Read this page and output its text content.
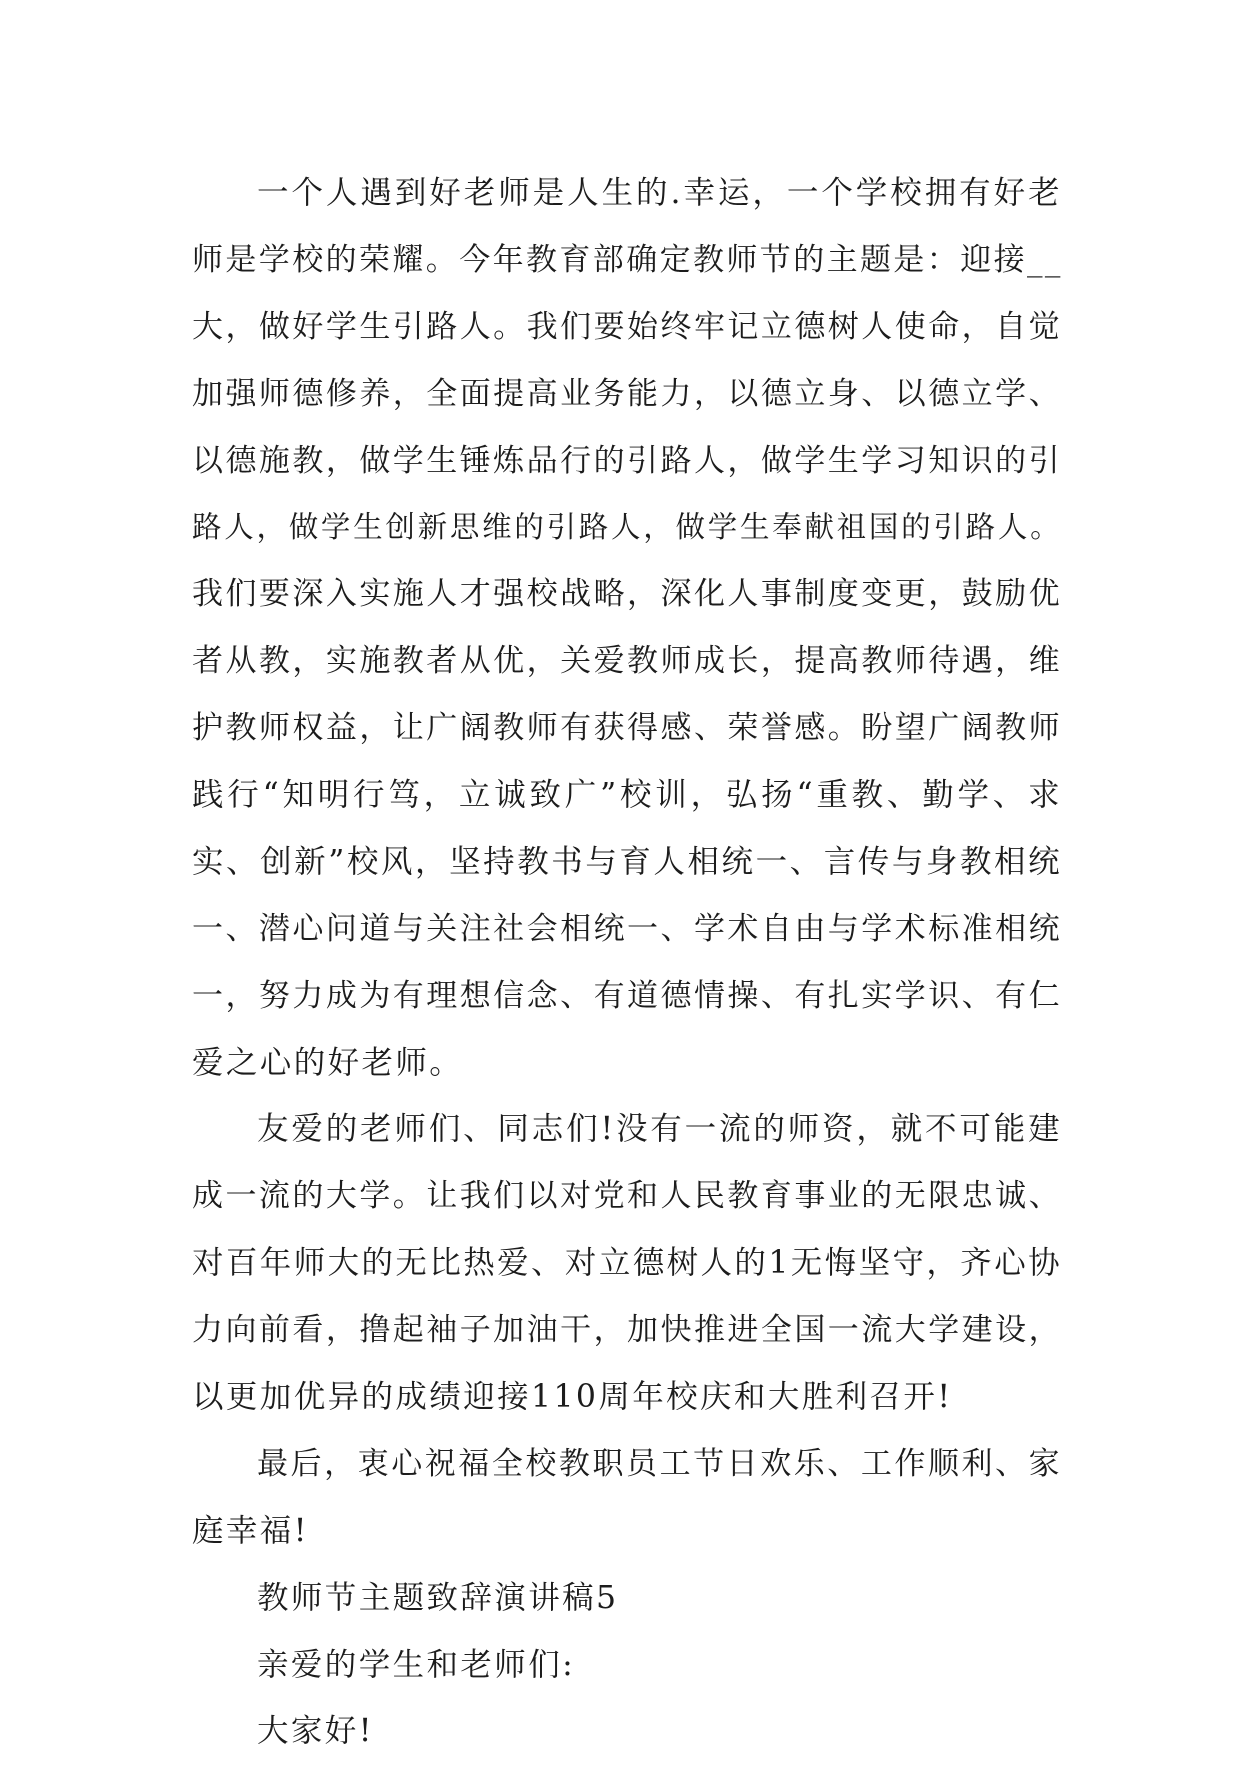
一个人遇到好老师是人生的.幸运，一个学校拥有好老
师是学校的荣耀。今年教育部确定教师节的主题是：迎接__
大，做好学生引路人。我们要始终牢记立德树人使命，自觉
加强师德修养，全面提高业务能力，以德立身、以德立学、
以德施教，做学生锤炼品行的引路人，做学生学习知识的引
路人，做学生创新思维的引路人，做学生奉献祖国的引路人。
我们要深入实施人才强校战略，深化人事制度变更，鼓励优
者从教，实施教者从优，关爱教师成长，提高教师待遇，维
护教师权益，让广阔教师有获得感、荣誉感。盼望广阔教师
践行“知明行笃，立诚致广”校训，弘扬“重教、勤学、求
实、创新”校风，坚持教书与育人相统一、言传与身教相统
一、潜心问道与关注社会相统一、学术自由与学术标准相统
一，努力成为有理想信念、有道德情操、有扎实学识、有仁
爱之心的好老师。
友爱的老师们、同志们!没有一流的师资，就不可能建
成一流的大学。让我们以对党和人民教育事业的无限忠诚、
对百年师大的无比热爱、对立德树人的1无悔坚守，齐心协
力向前看，撸起袖子加油干，加快推进全国一流大学建设，
以更加优异的成绩迎接110周年校庆和大胜利召开!
最后，衷心祝福全校教职员工节日欢乐、工作顺利、家
庭幸福!
教师节主题致辞演讲稿5
亲爱的学生和老师们:
大家好!
